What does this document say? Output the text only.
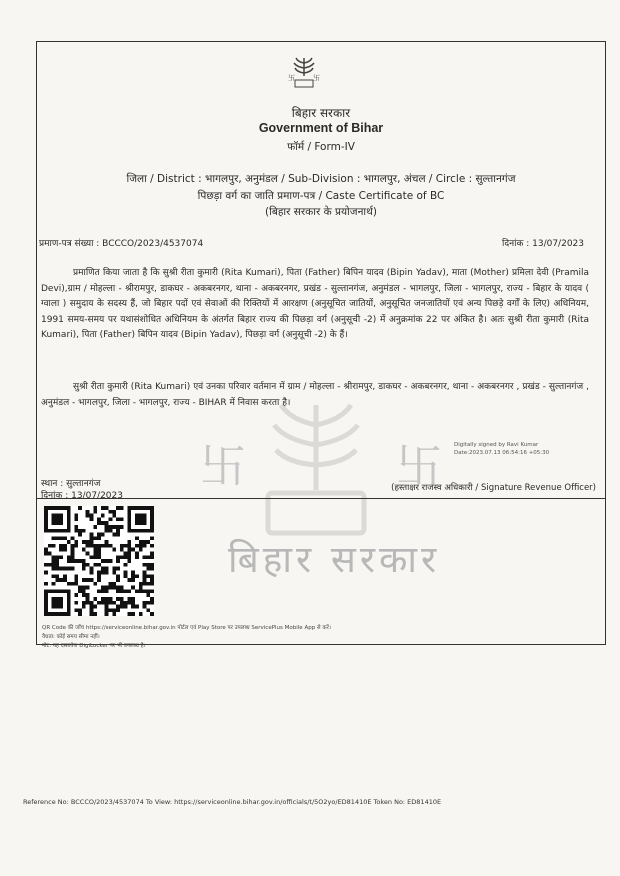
卐	卐
बिहार सरकार
卐	卐
बिहार सरकार
Government of Bihar
फॉर्म / Form-IV
जिला / District : भागलपुर, अनुमंडल / Sub-Division : भागलपुर, अंचल / Circle : सुल्तानगंज
पिछड़ा वर्ग का जाति प्रमाण-पत्र / Caste Certificate of BC
(बिहार सरकार के प्रयोजनार्थ)
प्रमाण-पत्र संख्या : BCCCO/2023/4537074	दिनांक : 13/07/2023
प्रमाणित किया जाता है कि सुश्री रीता कुमारी (Rita Kumari), पिता (Father) बिपिन यादव (Bipin Yadav), माता (Mother) प्रमिला देवी (Pramila Devi),ग्राम / मोहल्ला - श्रीरामपुर, डाकघर - अकबरनगर, थाना - अकबरनगर, प्रखंड - सुल्तानगंज, अनुमंडल - भागलपुर, जिला - भागलपुर, राज्य - बिहार के यादव ( ग्वाला ) समुदाय के सदस्य हैं, जो बिहार पदों एवं सेवाओं की रिक्तियों में आरक्षण (अनुसूचित जातियों, अनुसूचित जनजातियों एवं अन्य पिछड़े वर्गों के लिए) अधिनियम, 1991 समय-समय पर यथासंशोधित अधिनियम के अंतर्गत बिहार राज्य की पिछड़ा वर्ग (अनुसूची -2) में अनुक्रमांक 22 पर अंकित है। अतः सुश्री रीता कुमारी (Rita Kumari), पिता (Father) बिपिन यादव (Bipin Yadav), पिछड़ा वर्ग (अनुसूची -2) के हैं।
सुश्री रीता कुमारी (Rita Kumari) एवं उनका परिवार वर्तमान में ग्राम / मोहल्ला - श्रीरामपुर, डाकघर - अकबरनगर, थाना - अकबरनगर , प्रखंड - सुल्तानगंज , अनुमंडल - भागलपुर, जिला - भागलपुर, राज्य - BIHAR में निवास करता है।
Digitally signed by Ravi Kumar
Date:2023.07.13 06:54:16 +05:30
स्थान : सुल्तानगंज
दिनांक : 13/07/2023
(हस्ताक्षर राजस्व अधिकारी / Signature Revenue Officer)
QR Code की जाँच https://serviceonline.bihar.gov.in पोर्टल एवं Play Store पर उपलब्ध ServicePlus Mobile App से करें।
वैधता: कोई समय सीमा नहीं।
नोट: यह दस्तावेज DigiLocker पर भी उपलब्ध है।
Reference No: BCCCO/2023/4537074 To View: https://serviceonline.bihar.gov.in/officials/t/5O2yo/ED81410E Token No: ED81410E
